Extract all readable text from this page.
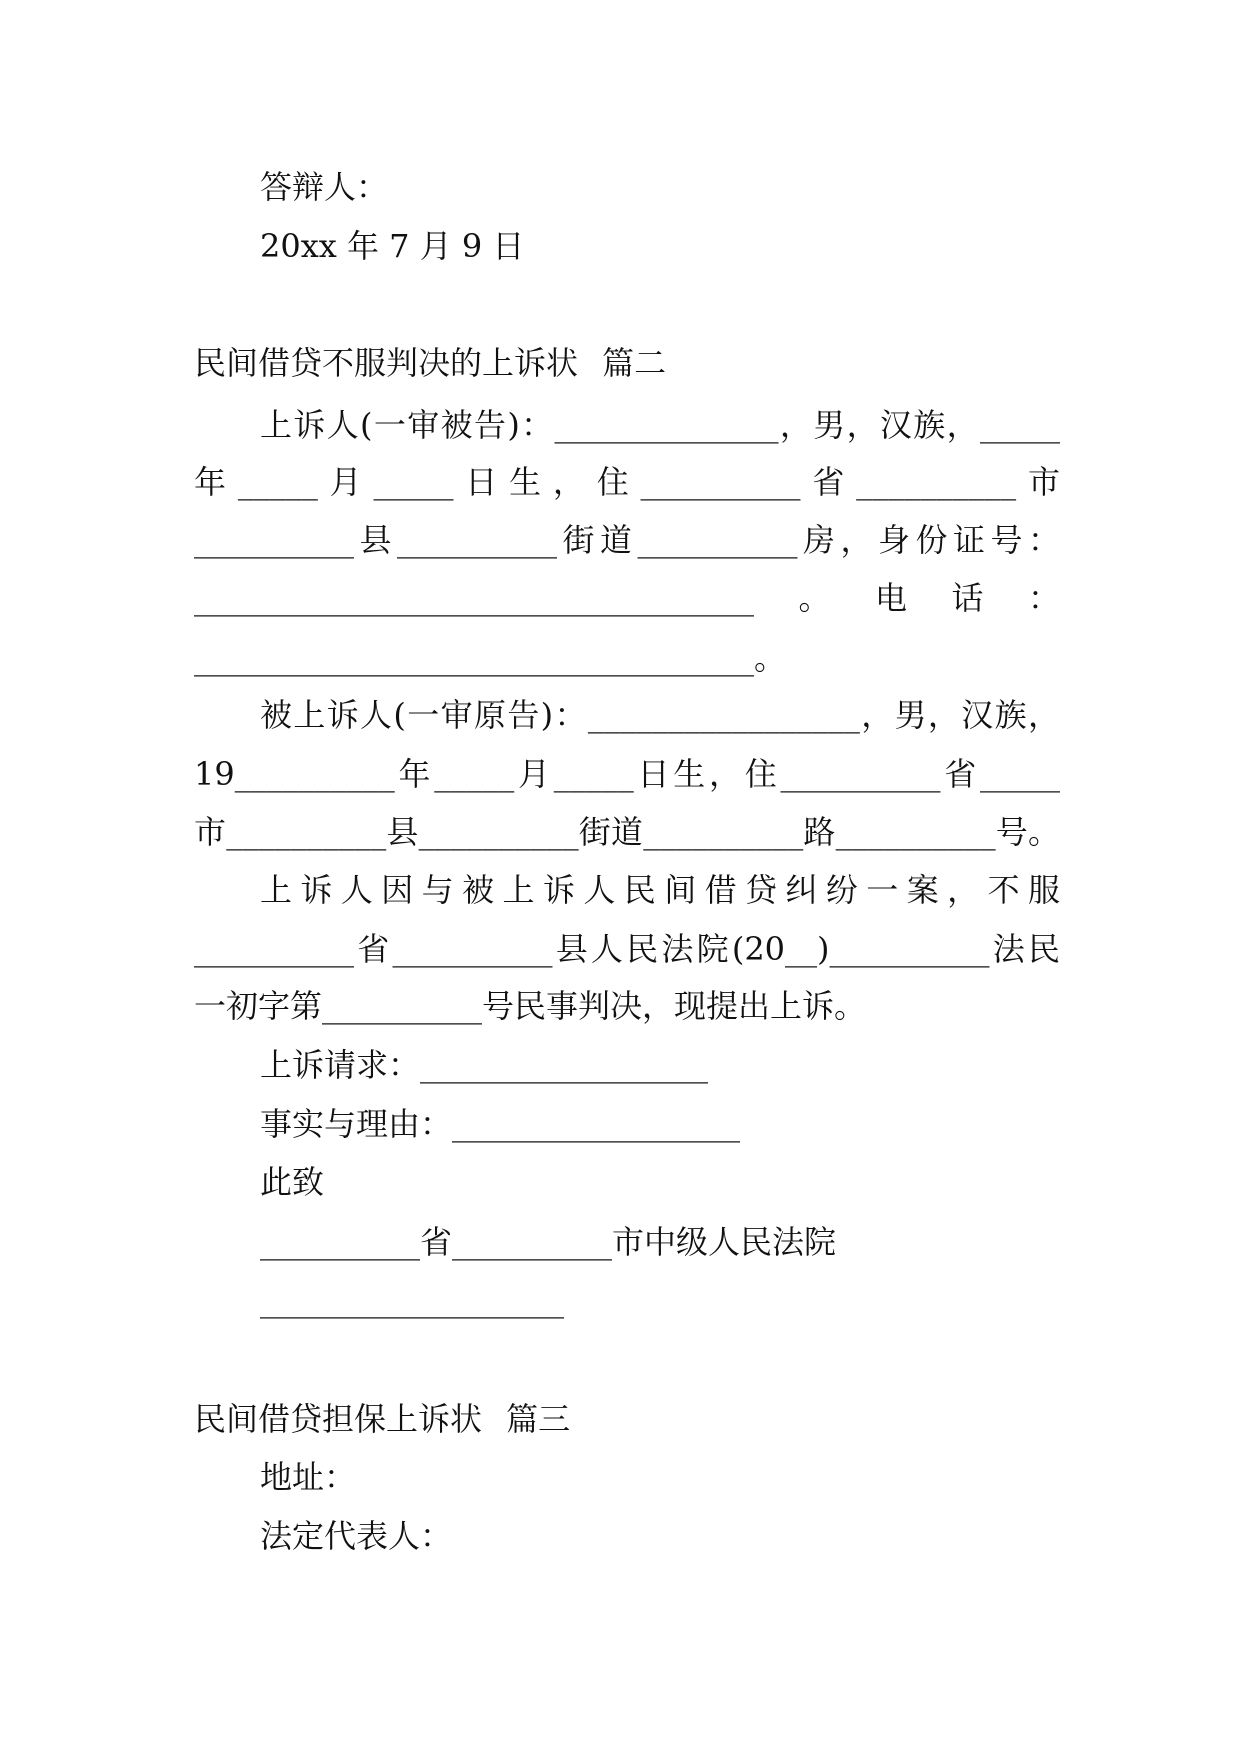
答辩人：
20xx 年 7 月 9 日
民间借贷不服判决的上诉状 篇二
上诉人(一审被告)：______________，男，汉族，_____
年_____月_____日生，住__________省__________市
__________县__________街道__________房，身份证号：
___________________________________。电话：
___________________________________。
被上诉人(一审原告)：_________________，男，汉族，
19__________年_____月_____日生，住__________省_____
市__________县__________街道__________路__________号。
上诉人因与被上诉人民间借贷纠纷一案，不服
__________省__________县人民法院(20__)__________法民
一初字第__________号民事判决，现提出上诉。
上诉请求：__________________
事实与理由：__________________
此致
__________省__________市中级人民法院
___________________
民间借贷担保上诉状 篇三
地址：
法定代表人：
